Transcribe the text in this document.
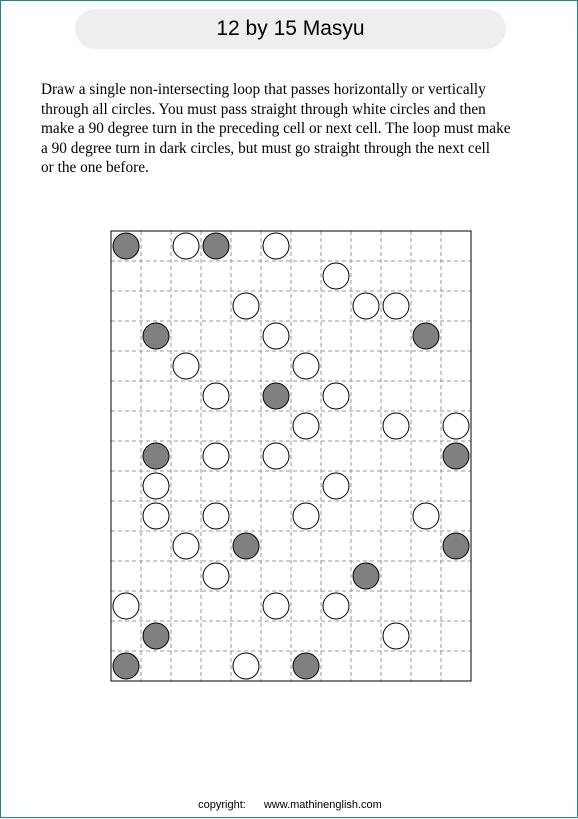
12 by 15 Masyu
Draw a single non-intersecting loop that passes horizontally or vertically
through all circles. You must pass straight through white circles and then
make a 90 degree turn in the preceding cell or next cell. The loop must make
a 90 degree turn in dark circles, but must go straight through the next cell
or the one before.
copyright: www.mathinenglish.com
